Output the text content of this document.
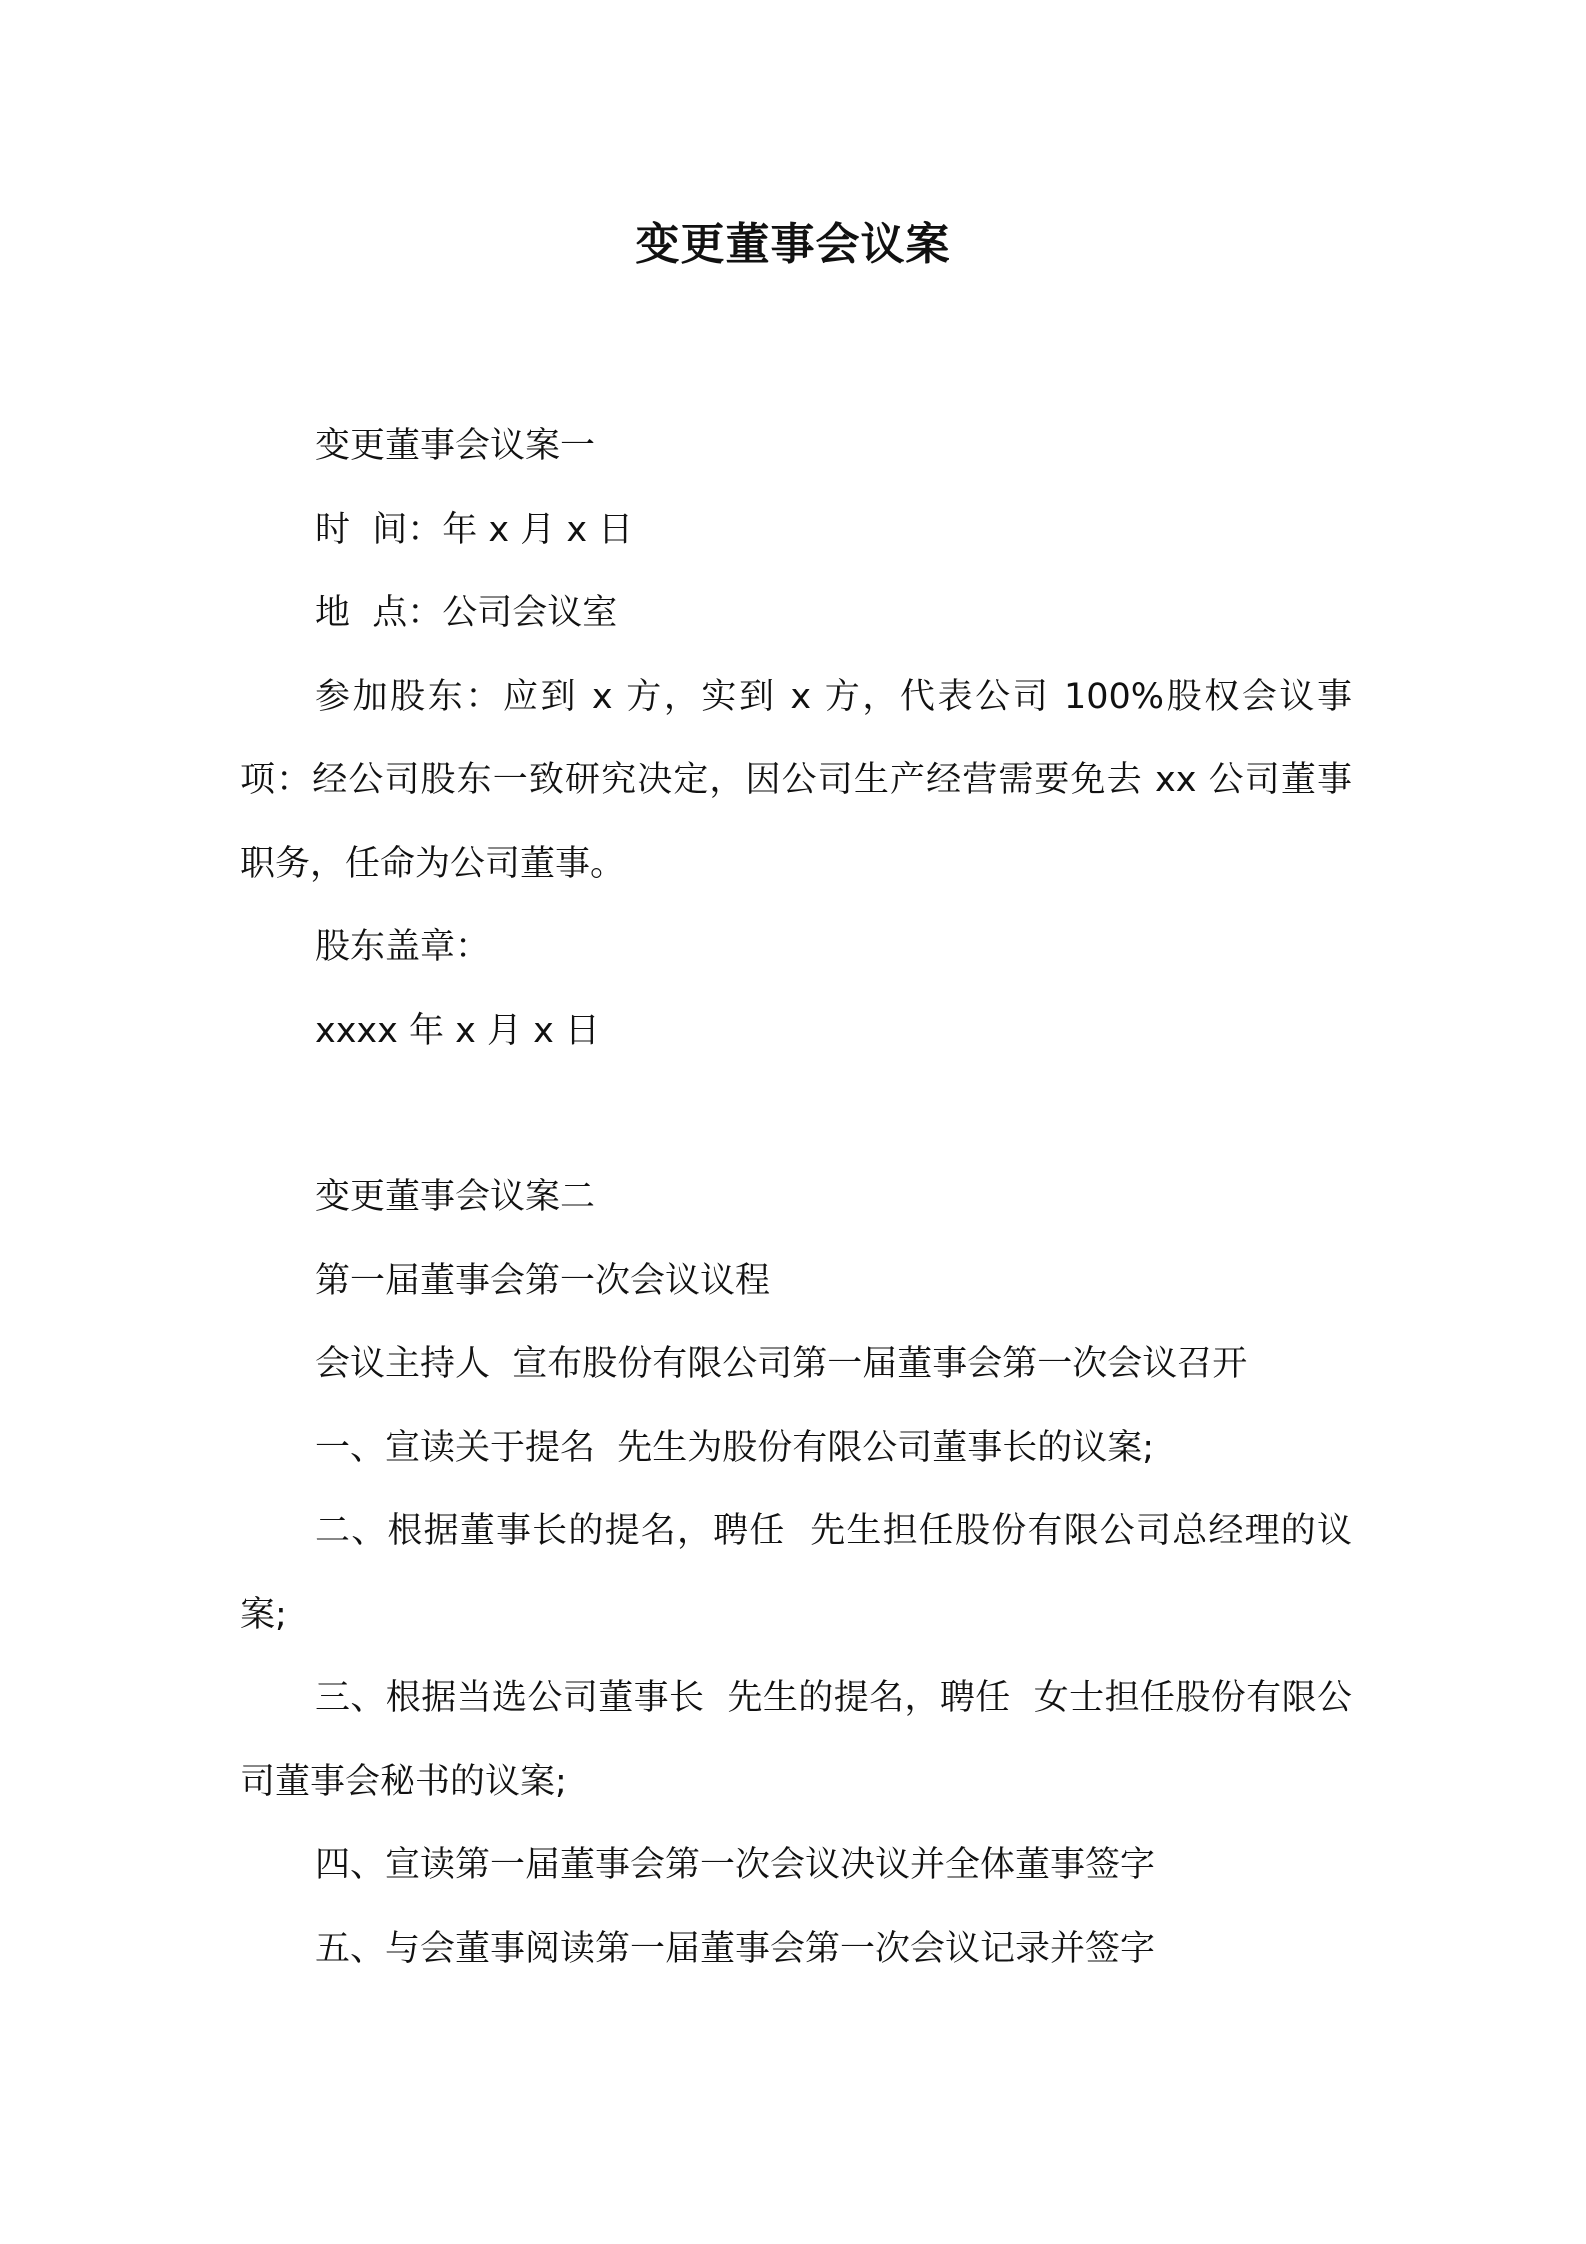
变更董事会议案

变更董事会议案一

时  间：年 x 月 x 日

地  点：公司会议室

参加股东：应到 x 方，实到 x 方，代表公司 100%股权会议事项：经公司股东一致研究决定，因公司生产经营需要免去 xx 公司董事职务，任命为公司董事。

股东盖章：

xxxx 年 x 月 x 日

变更董事会议案二

第一届董事会第一次会议议程

会议主持人  宣布股份有限公司第一届董事会第一次会议召开

一、宣读关于提名  先生为股份有限公司董事长的议案;

二、根据董事长的提名，聘任  先生担任股份有限公司总经理的议案;

三、根据当选公司董事长  先生的提名，聘任  女士担任股份有限公司董事会秘书的议案;

四、宣读第一届董事会第一次会议决议并全体董事签字

五、与会董事阅读第一届董事会第一次会议记录并签字
